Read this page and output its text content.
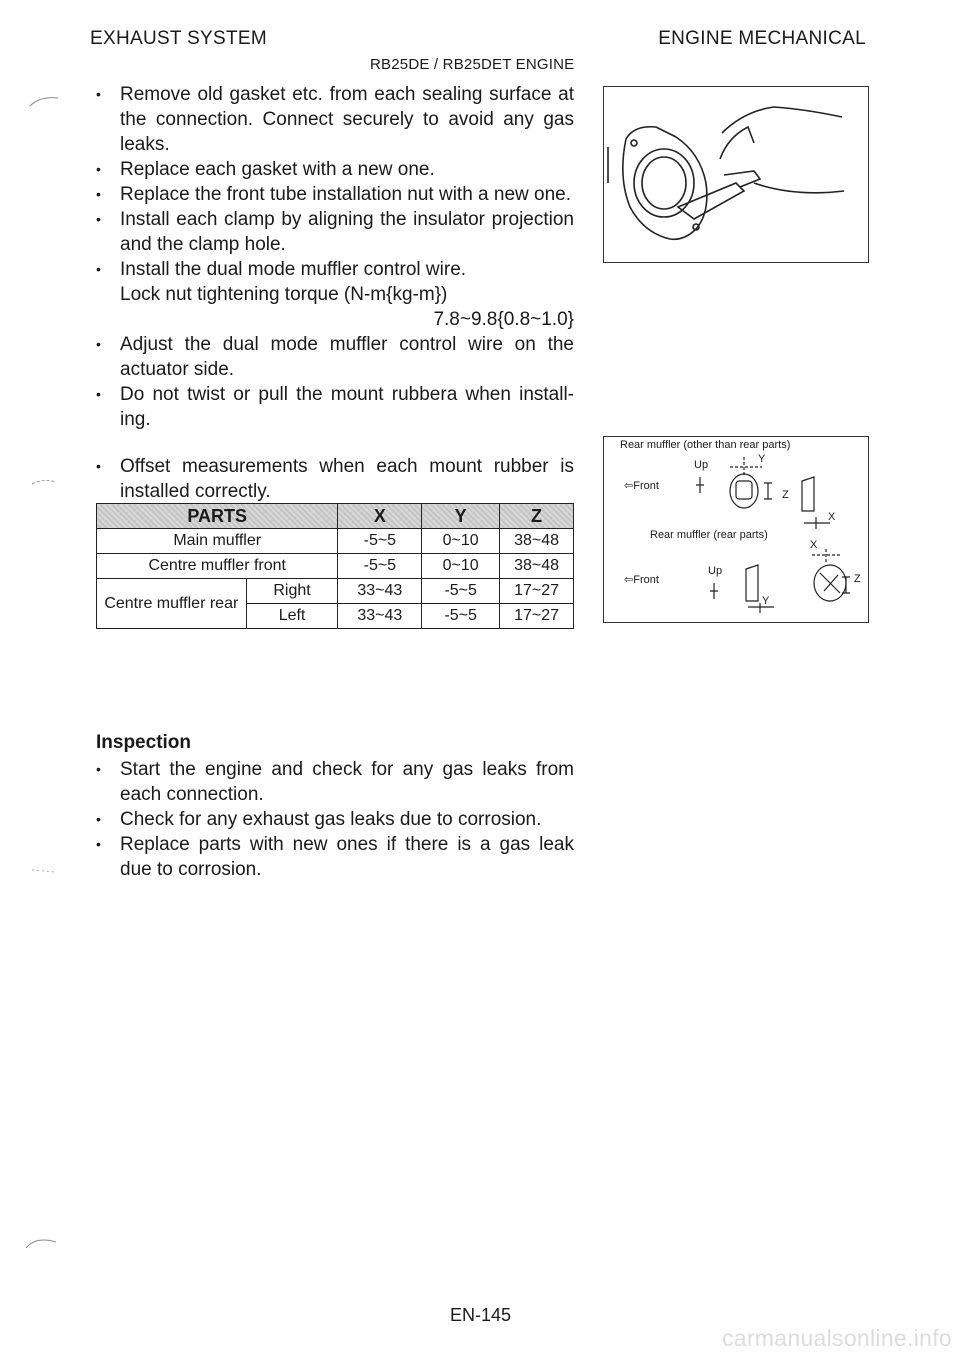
EXHAUST SYSTEM	ENGINE MECHANICAL
RB25DE / RB25DET ENGINE
• Remove old gasket etc. from each sealing surface at the connection. Connect securely to avoid any gas leaks.
• Replace each gasket with a new one.
• Replace the front tube installation nut with a new one.
• Install each clamp by aligning the insulator projection and the clamp hole.
• Install the dual mode muffler control wire.
Lock nut tightening torque (N-m{kg-m})
7.8~9.8{0.8~1.0}
• Adjust the dual mode muffler control wire on the actuator side.
• Do not twist or pull the mount rubbera when install-ing.
• Offset measurements when each mount rubber is installed correctly.
PARTS		X	Y	Z
Main muffler		-5~5	0~10	38~48
Centre muffler front		-5~5	0~10	38~48
Centre muffler rear	Right	33~43	-5~5	17~27
	Left	33~43	-5~5	17~27
Inspection
• Start the engine and check for any gas leaks from each connection.
• Check for any exhaust gas leaks due to corrosion.
• Replace parts with new ones if there is a gas leak due to corrosion.
Rear muffler (other than rear parts)
Up	Y
⇦Front
Z
X
Rear muffler (rear parts)
X
Up
⇦Front
Y
Z
EN-145
carmanualsonline.info
